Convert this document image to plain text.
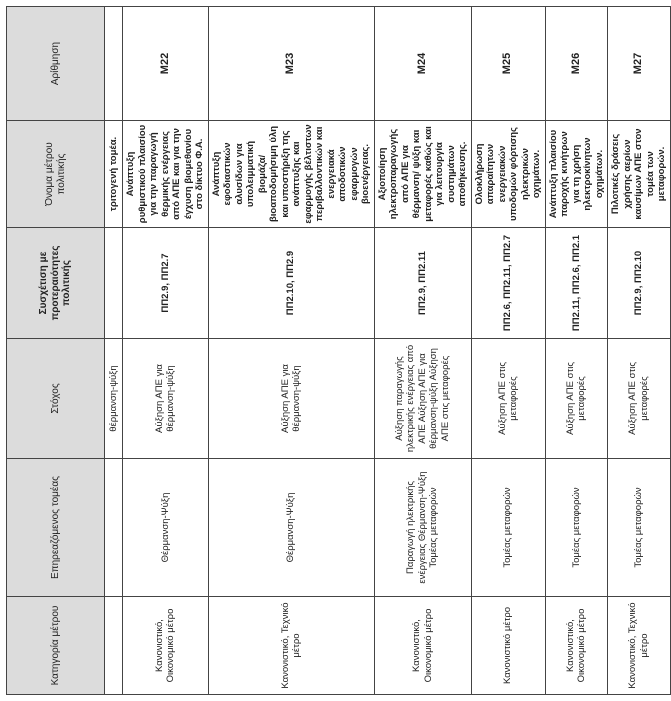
Κατηγορία μέτρου	Επηρεαζόμενος τομέας	Στόχος	Συσχέτιση με προτεραιότητες πολιτικής	Όνομα μέτρου πολιτικής	Αρίθμηση
		θέρμανση-ψύξη		τριτογενή τομέα.	
Κανονιστικό, Οικονομικό μέτρο	Θέρμανση-Ψύξη	Αύξηση ΑΠΕ για θέρμανση-ψύξη	ΠΠ2.9, ΠΠ2.7	Ανάπτυξη ρυθμιστικού πλαισίου για την παραγωγή θερμικής ενέργειας από ΑΠΕ και για την έγχυση βιομεθανίου στο δίκτυο Φ.Α.	M22
Κανονιστικό, Τεχνικό μέτρο	Θέρμανση-Ψύξη	Αύξηση ΑΠΕ για θέρμανση-ψύξη	ΠΠ2.10, ΠΠ2.9	Ανάπτυξη εφοδιαστικών αλυσίδων για υπολειμματική βιομάζα/βιοαποδομήσιμη ύλη και υποστήριξη της ανάπτυξης και εφαρμογής βέλτιστων περιβαλλοντικών και ενεργειακά αποδοτικών εφαρμογών βιοενέργειας.	M23
Κανονιστικό, Οικονομικό μέτρο	Παραγωγή ηλεκτρικής ενέργειας Θέρμανση-Ψύξη Τομέας μεταφορών	Αύξηση παραγωγής ηλεκτρικής ενέργειας από ΑΠΕ Αύξηση ΑΠΕ για θέρμανση-ψύξη Αύξηση ΑΠΕ στις μεταφορές	ΠΠ2.9, ΠΠ2.11	Αξιοποίηση ηλεκτροπαραγωγής από ΑΠΕ για θέρμανση/ ψύξη και μεταφορές καθώς και για λειτουργία συστημάτων αποθήκευσης.	M24
Κανονιστικό μέτρο	Τομέας μεταφορών	Αύξηση ΑΠΕ στις μεταφορές	ΠΠ2.6, ΠΠ2.11, ΠΠ2.7	Ολοκλήρωση απαραίτητων ενεργειακών υποδομών φόρτισης ηλεκτρικών οχημάτων.	M25
Κανονιστικό, Οικονομικό μέτρο	Τομέας μεταφορών	Αύξηση ΑΠΕ στις μεταφορές	ΠΠ2.11, ΠΠ2.6, ΠΠ2.1	Ανάπτυξη πλαισίου παροχής κινήτρων για τη χρήση ηλεκτροκίνητων οχημάτων.	M26
Κανονιστικό, Τεχνικό μέτρο	Τομέας μεταφορών	Αύξηση ΑΠΕ στις μεταφορές	ΠΠ2.9, ΠΠ2.10	Πιλοτικές δράσεις χρήσης αερίων καυσίμων ΑΠΕ στον τομέα των μεταφορών.	M27
